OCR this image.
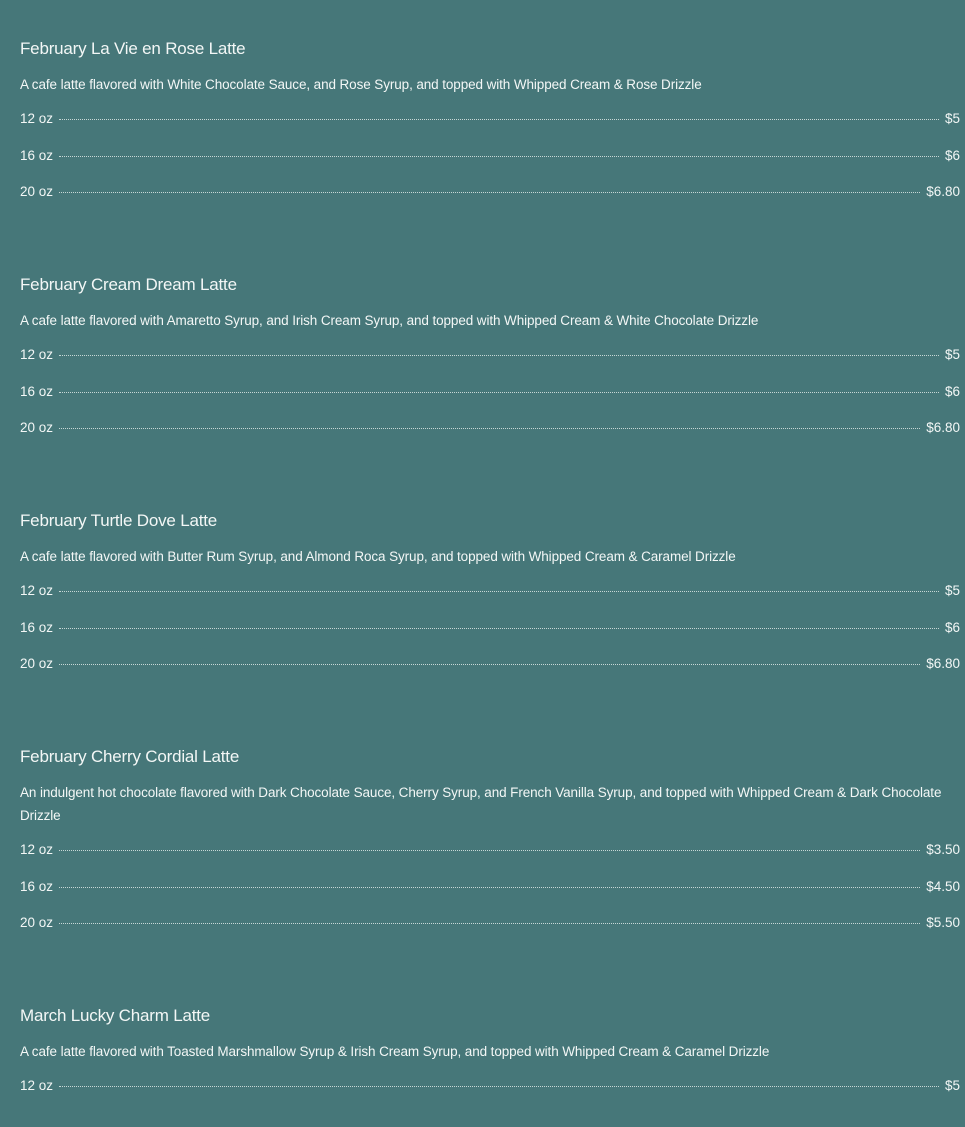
February La Vie en Rose Latte

A cafe latte flavored with White Chocolate Sauce, and Rose Syrup, and topped with Whipped Cream & Rose Drizzle

12 oz	$5
16 oz	$6
20 oz	$6.80
February Cream Dream Latte

A cafe latte flavored with Amaretto Syrup, and Irish Cream Syrup, and topped with Whipped Cream & White Chocolate Drizzle

12 oz	$5
16 oz	$6
20 oz	$6.80
February Turtle Dove Latte

A cafe latte flavored with Butter Rum Syrup, and Almond Roca Syrup, and topped with Whipped Cream & Caramel Drizzle

12 oz	$5
16 oz	$6
20 oz	$6.80
February Cherry Cordial Latte

An indulgent hot chocolate flavored with Dark Chocolate Sauce, Cherry Syrup, and French Vanilla Syrup, and topped with Whipped Cream & Dark Chocolate Drizzle

12 oz	$3.50
16 oz	$4.50
20 oz	$5.50
March Lucky Charm Latte

A cafe latte flavored with Toasted Marshmallow Syrup & Irish Cream Syrup, and topped with Whipped Cream & Caramel Drizzle

12 oz	$5
